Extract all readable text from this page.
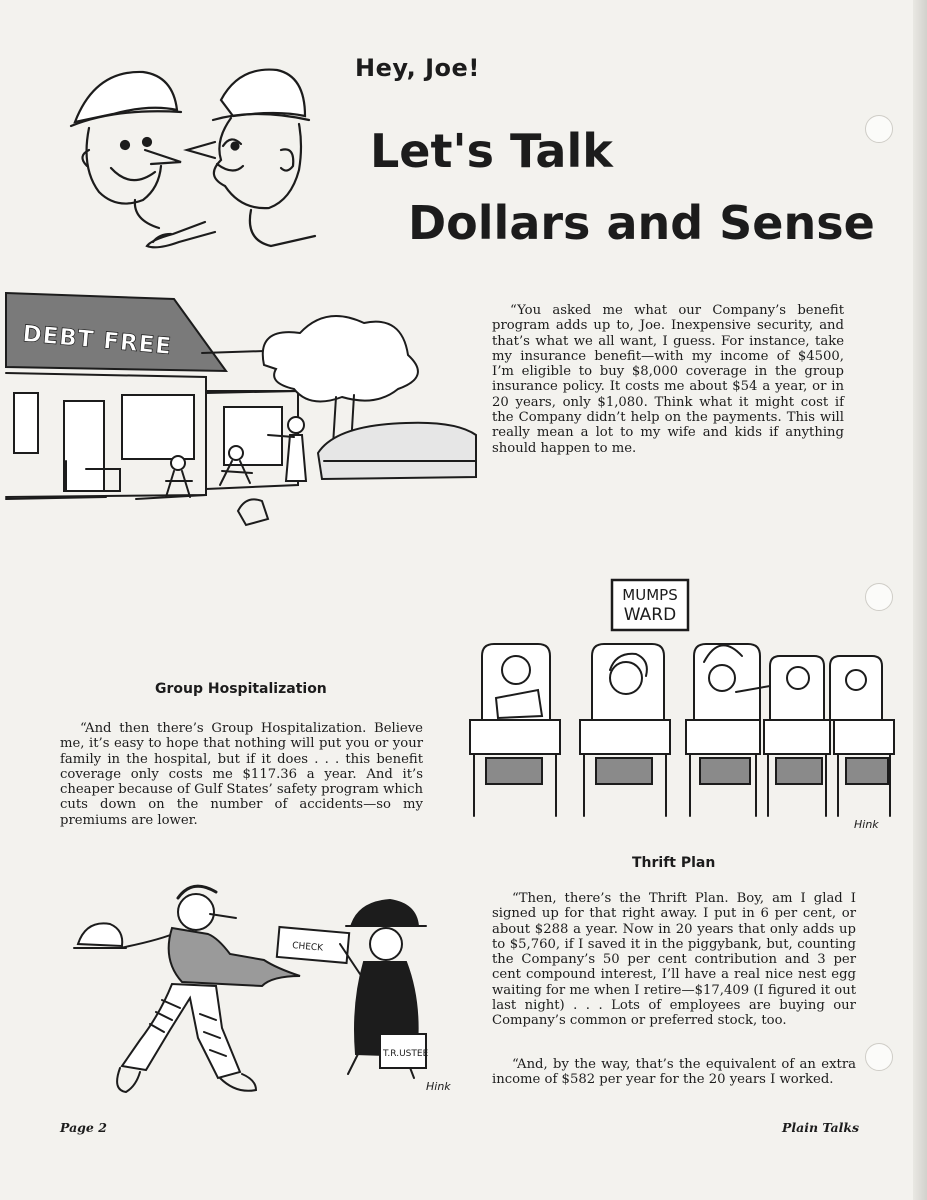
Hey, Joe!
Let's Talk
Dollars and Sense
DEBT FREE

“You asked me what our Company’s benefit program adds up to, Joe. Inexpensive security, and that’s what we all want, I guess. For instance, take my insurance benefit—with my income of $4500, I’m eligible to buy $8,000 coverage in the group insurance policy. It costs me about $54 a year, or in 20 years, only $1,080. Think what it might cost if the Company didn’t help on the payments. This will really mean a lot to my wife and kids if anything should happen to me.

MUMPS
WARD
Hink
Group Hospitalization

“And then there’s Group Hospitalization. Believe me, it’s easy to hope that nothing will put you or your family in the hospital, but if it does . . . this benefit coverage only costs me $117.36 a year. And it’s cheaper because of Gulf States’ safety program which cuts down on the number of accidents—so my premiums are lower.

CHECK
T.R.USTEE
Hink
Thrift Plan

“Then, there’s the Thrift Plan. Boy, am I glad I signed up for that right away. I put in 6 per cent, or about $288 a year. Now in 20 years that only adds up to $5,760, if I saved it in the piggybank, but, counting the Company’s 50 per cent contribution and 3 per cent compound interest, I’ll have a real nice nest egg waiting for me when I retire—$17,409 (I figured it out last night) . . . Lots of employees are buying our Company’s common or preferred stock, too.

“And, by the way, that’s the equivalent of an extra income of $582 per year for the 20 years I worked.

Page 2	Plain Talks
